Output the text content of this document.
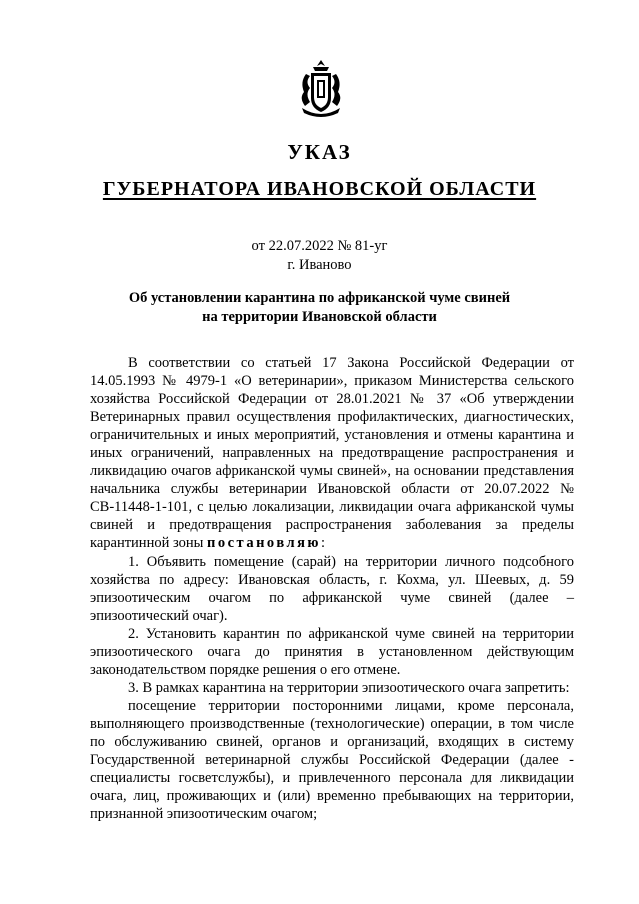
УКАЗ
ГУБЕРНАТОРА ИВАНОВСКОЙ ОБЛАСТИ
от 22.07.2022 № 81-уг
г. Иваново
Об установлении карантина по африканской чуме свиней
на территории Ивановской области

В соответствии со статьей 17 Закона Российской Федерации от 14.05.1993 № 4979-1 «О ветеринарии», приказом Министерства сельского хозяйства Российской Федерации от 28.01.2021 № 37 «Об утверждении Ветеринарных правил осуществления профилактических, диагностических, ограничительных и иных мероприятий, установления и отмены карантина и иных ограничений, направленных на предотвращение распространения и ликвидацию очагов африканской чумы свиней», на основании представления начальника службы ветеринарии Ивановской области от 20.07.2022 № СВ-11448-1-101, с целью локализации, ликвидации очага африканской чумы свиней и предотвращения распространения заболевания за пределы карантинной зоны постановляю:

1. Объявить помещение (сарай) на территории личного подсобного хозяйства по адресу: Ивановская область, г. Кохма, ул. Шеевых, д. 59 эпизоотическим очагом по африканской чуме свиней (далее – эпизоотический очаг).

2. Установить карантин по африканской чуме свиней на территории эпизоотического очага до принятия в установленном действующим законодательством порядке решения о его отмене.

3. В рамках карантина на территории эпизоотического очага запретить:

посещение территории посторонними лицами, кроме персонала, выполняющего производственные (технологические) операции, в том числе по обслуживанию свиней, органов и организаций, входящих в систему Государственной ветеринарной службы Российской Федерации (далее - специалисты госветслужбы), и привлеченного персонала для ликвидации очага, лиц, проживающих и (или) временно пребывающих на территории, признанной эпизоотическим очагом;
